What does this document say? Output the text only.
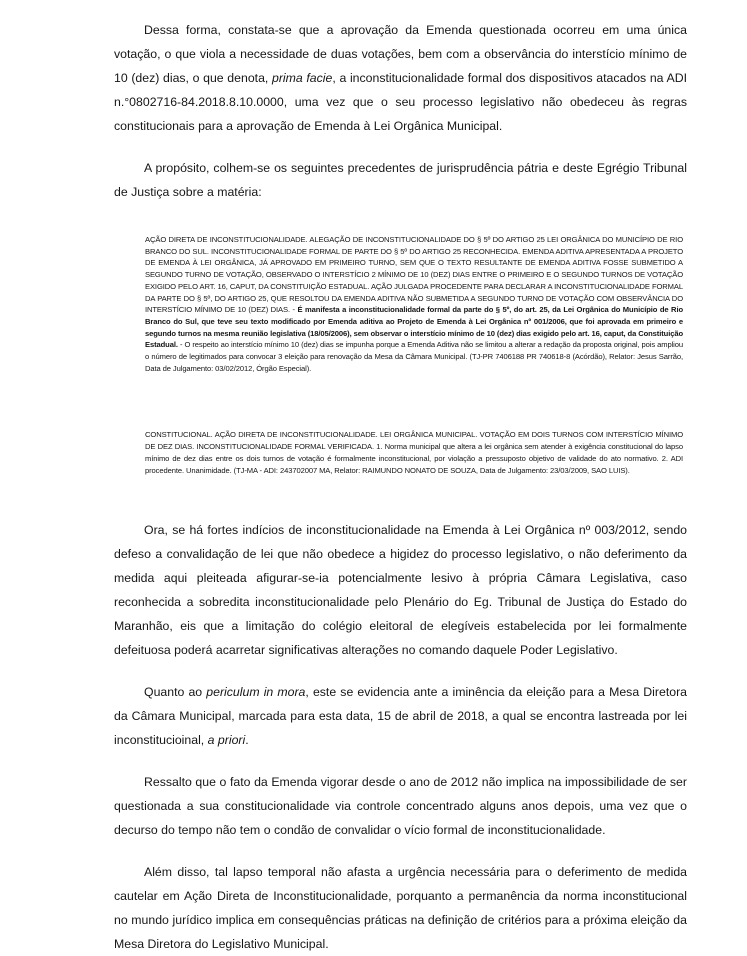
Dessa forma, constata-se que a aprovação da Emenda questionada ocorreu em uma única votação, o que viola a necessidade de duas votações, bem com a observância do interstício mínimo de 10 (dez) dias, o que denota, prima facie, a inconstitucionalidade formal dos dispositivos atacados na ADI n.°0802716-84.2018.8.10.0000, uma vez que o seu processo legislativo não obedeceu às regras constitucionais para a aprovação de Emenda à Lei Orgânica Municipal.

A propósito, colhem-se os seguintes precedentes de jurisprudência pátria e deste Egrégio Tribunal de Justiça sobre a matéria:

AÇÃO DIRETA DE INCONSTITUCIONALIDADE. ALEGAÇÃO DE INCONSTITUCIONALIDADE DO § 5º DO ARTIGO 25 LEI ORGÂNICA DO MUNICÍPIO DE RIO BRANCO DO SUL. INCONSTITUCIONALIDADE FORMAL DE PARTE DO § 5º DO ARTIGO 25 RECONHECIDA. EMENDA ADITIVA APRESENTADA A PROJETO DE EMENDA À LEI ORGÂNICA, JÁ APROVADO EM PRIMEIRO TURNO, SEM QUE O TEXTO RESULTANTE DE EMENDA ADITIVA FOSSE SUBMETIDO A SEGUNDO TURNO DE VOTAÇÃO, OBSERVADO O INTERSTÍCIO 2 MÍNIMO DE 10 (DEZ) DIAS ENTRE O PRIMEIRO E O SEGUNDO TURNOS DE VOTAÇÃO EXIGIDO PELO ART. 16, CAPUT, DA CONSTITUIÇÃO ESTADUAL. AÇÃO JULGADA PROCEDENTE PARA DECLARAR A INCONSTITUCIONALIDADE FORMAL DA PARTE DO § 5º, DO ARTIGO 25, QUE RESOLTOU DA EMENDA ADITIVA NÃO SUBMETIDA A SEGUNDO TURNO DE VOTAÇÃO COM OBSERVÂNCIA DO INTERSTÍCIO MÍNIMO DE 10 (DEZ) DIAS. - É manifesta a inconstitucionalidade formal da parte do § 5º, do art. 25, da Lei Orgânica do Município de Rio Branco do Sul, que teve seu texto modificado por Emenda aditiva ao Projeto de Emenda à Lei Orgânica nº 001/2006, que foi aprovada em primeiro e segundo turnos na mesma reunião legislativa (18/05/2006), sem observar o interstício mínimo de 10 (dez) dias exigido pelo art. 16, caput, da Constituição Estadual. - O respeito ao interstício mínimo 10 (dez) dias se impunha porque a Emenda Aditiva não se limitou a alterar a redação da proposta original, pois ampliou o número de legitimados para convocar 3 eleição para renovação da Mesa da Câmara Municipal. (TJ-PR 7406188 PR 740618-8 (Acórdão), Relator: Jesus Sarrão, Data de Julgamento: 03/02/2012, Órgão Especial).

CONSTITUCIONAL. AÇÃO DIRETA DE INCONSTITUCIONALIDADE. LEI ORGÂNICA MUNICIPAL. VOTAÇÃO EM DOIS TURNOS COM INTERSTÍCIO MÍNIMO DE DEZ DIAS. INCONSTITUCIONALIDADE FORMAL VERIFICADA. 1. Norma municipal que altera a lei orgânica sem atender à exigência constitucional do lapso mínimo de dez dias entre os dois turnos de votação é formalmente inconstitucional, por violação a pressuposto objetivo de validade do ato normativo. 2. ADI procedente. Unanimidade. (TJ-MA - ADI: 243702007 MA, Relator: RAIMUNDO NONATO DE SOUZA, Data de Julgamento: 23/03/2009, SAO LUIS).

Ora, se há fortes indícios de inconstitucionalidade na Emenda à Lei Orgânica nº 003/2012, sendo defeso a convalidação de lei que não obedece a higidez do processo legislativo, o não deferimento da medida aqui pleiteada afigurar-se-ia potencialmente lesivo à própria Câmara Legislativa, caso reconhecida a sobredita inconstitucionalidade pelo Plenário do Eg. Tribunal de Justiça do Estado do Maranhão, eis que a limitação do colégio eleitoral de elegíveis estabelecida por lei formalmente defeituosa poderá acarretar significativas alterações no comando daquele Poder Legislativo.

Quanto ao periculum in mora, este se evidencia ante a iminência da eleição para a Mesa Diretora da Câmara Municipal, marcada para esta data, 15 de abril de 2018, a qual se encontra lastreada por lei inconstitucioinal, a priori.

Ressalto que o fato da Emenda vigorar desde o ano de 2012 não implica na impossibilidade de ser questionada a sua constitucionalidade via controle concentrado alguns anos depois, uma vez que o decurso do tempo não tem o condão de convalidar o vício formal de inconstitucionalidade.

Além disso, tal lapso temporal não afasta a urgência necessária para o deferimento de medida cautelar em Ação Direta de Inconstitucionalidade, porquanto a permanência da norma inconstitucional no mundo jurídico implica em consequências práticas na definição de critérios para a próxima eleição da Mesa Diretora do Legislativo Municipal.
